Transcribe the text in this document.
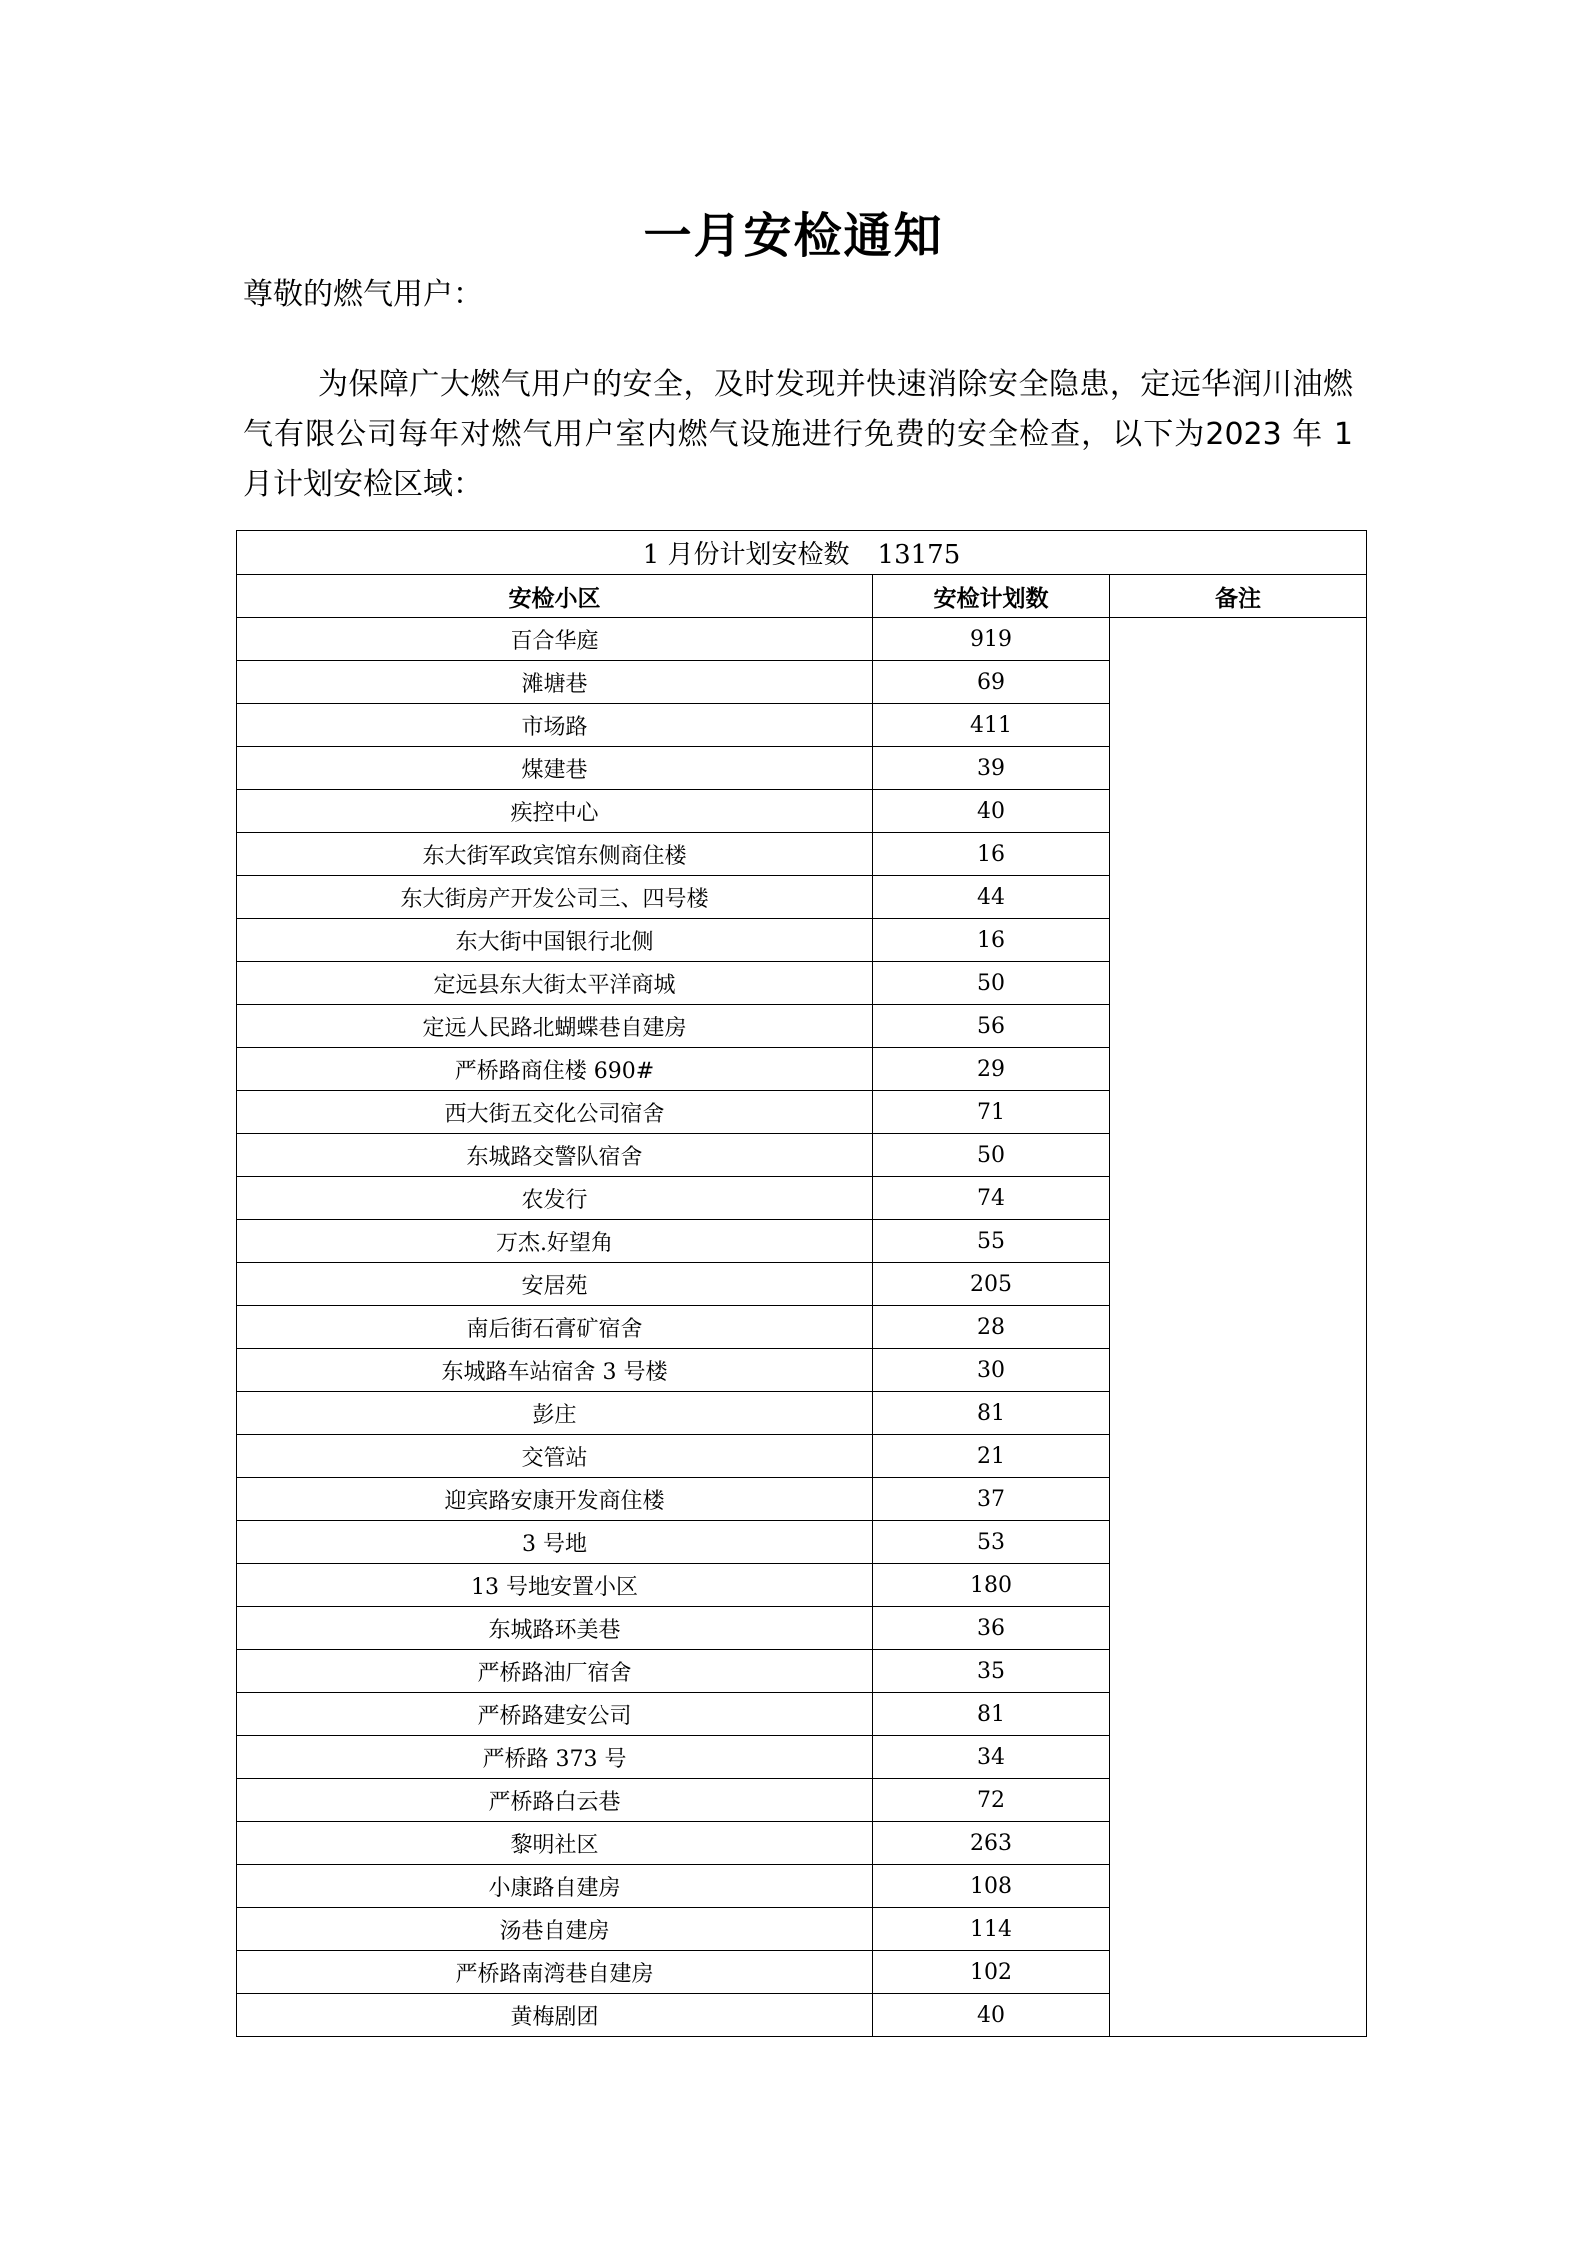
一月安检通知
尊敬的燃气用户：
为保障广大燃气用户的安全，及时发现并快速消除安全隐患，定远华润川油燃气有限公司每年对燃气用户室内燃气设施进行免费的安全检查，以下为2023 年 1 月计划安检区域：
1 月份计划安检数 13175		
安检小区	安检计划数	备注
百合华庭	919	
滩塘巷	69	
市场路	411	
煤建巷	39	
疾控中心	40	
东大街军政宾馆东侧商住楼	16	
东大街房产开发公司三、四号楼	44	
东大街中国银行北侧	16	
定远县东大街太平洋商城	50	
定远人民路北蝴蝶巷自建房	56	
严桥路商住楼 690#	29	
西大街五交化公司宿舍	71	
东城路交警队宿舍	50	
农发行	74	
万杰.好望角	55	
安居苑	205	
南后街石膏矿宿舍	28	
东城路车站宿舍 3 号楼	30	
彭庄	81	
交管站	21	
迎宾路安康开发商住楼	37	
3 号地	53	
13 号地安置小区	180	
东城路环美巷	36	
严桥路油厂宿舍	35	
严桥路建安公司	81	
严桥路 373 号	34	
严桥路白云巷	72	
黎明社区	263	
小康路自建房	108	
汤巷自建房	114	
严桥路南湾巷自建房	102	
黄梅剧团	40	
